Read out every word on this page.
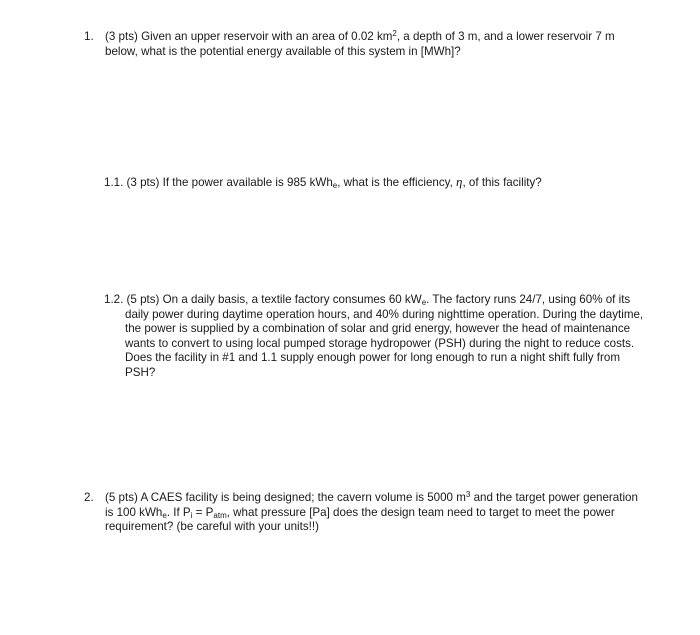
1. (3 pts) Given an upper reservoir with an area of 0.02 $km^2$, a depth of 3 m, and a lower reservoir 7 m below, what is the potential energy available of this system in [MWh]?
1.1. (3 pts) If the power available is 985 kWh$_e$, what is the efficiency, η, of this facility?
1.2. (5 pts) On a daily basis, a textile factory consumes 60 $kW_e$. The factory runs 24/7, using 60% of its daily power during daytime operation hours, and 40% during nighttime operation. During the daytime, the power is supplied by a combination of solar and grid energy, however the head of maintenance wants to convert to using local pumped storage hydropower (PSH) during the night to reduce costs. Does the facility in #1 and 1.1 supply enough power for long enough to run a night shift fully from PSH?
2. (5 pts) A CAES facility is being designed; the cavern volume is 5000 $m^3$ and the target power generation is 100 kWh$_e$. If $P_i = P_{atm}$, what pressure [Pa] does the design team need to target to meet the power requirement? (be careful with your units!!)
